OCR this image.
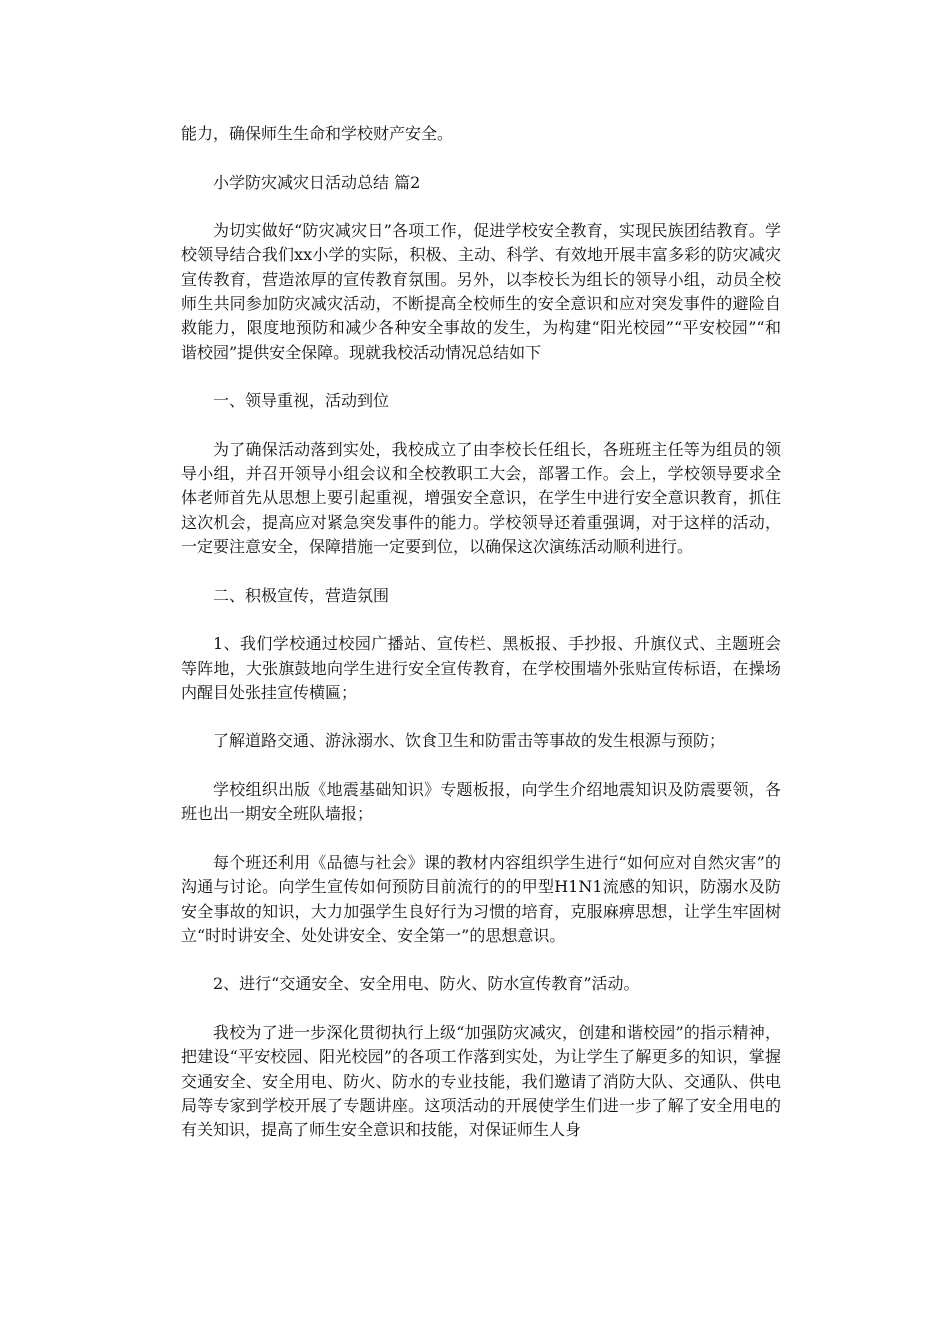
能力，确保师生生命和学校财产安全。

小学防灾减灾日活动总结 篇2

为切实做好“防灾减灾日”各项工作，促进学校安全教育，实现民族团结教育。学校领导结合我们xx小学的实际，积极、主动、科学、有效地开展丰富多彩的防灾减灾宣传教育，营造浓厚的宣传教育氛围。另外，以李校长为组长的领导小组，动员全校师生共同参加防灾减灾活动，不断提高全校师生的安全意识和应对突发事件的避险自救能力，限度地预防和减少各种安全事故的发生，为构建“阳光校园”“平安校园”“和谐校园”提供安全保障。现就我校活动情况总结如下

一、领导重视，活动到位

为了确保活动落到实处，我校成立了由李校长任组长，各班班主任等为组员的领导小组，并召开领导小组会议和全校教职工大会，部署工作。会上，学校领导要求全体老师首先从思想上要引起重视，增强安全意识，在学生中进行安全意识教育，抓住这次机会，提高应对紧急突发事件的能力。学校领导还着重强调，对于这样的活动，一定要注意安全，保障措施一定要到位，以确保这次演练活动顺利进行。

二、积极宣传，营造氛围

1、我们学校通过校园广播站、宣传栏、黑板报、手抄报、升旗仪式、主题班会等阵地，大张旗鼓地向学生进行安全宣传教育，在学校围墙外张贴宣传标语，在操场内醒目处张挂宣传横匾；

了解道路交通、游泳溺水、饮食卫生和防雷击等事故的发生根源与预防；

学校组织出版《地震基础知识》专题板报，向学生介绍地震知识及防震要领，各班也出一期安全班队墙报；

每个班还利用《品德与社会》课的教材内容组织学生进行“如何应对自然灾害”的沟通与讨论。向学生宣传如何预防目前流行的的甲型H1N1流感的知识，防溺水及防安全事故的知识，大力加强学生良好行为习惯的培育，克服麻痹思想，让学生牢固树立“时时讲安全、处处讲安全、安全第一”的思想意识。

2、进行“交通安全、安全用电、防火、防水宣传教育”活动。

我校为了进一步深化贯彻执行上级“加强防灾减灾，创建和谐校园”的指示精神，把建设“平安校园、阳光校园”的各项工作落到实处，为让学生了解更多的知识，掌握交通安全、安全用电、防火、防水的专业技能，我们邀请了消防大队、交通队、供电局等专家到学校开展了专题讲座。这项活动的开展使学生们进一步了解了安全用电的有关知识，提高了师生安全意识和技能，对保证师生人身
